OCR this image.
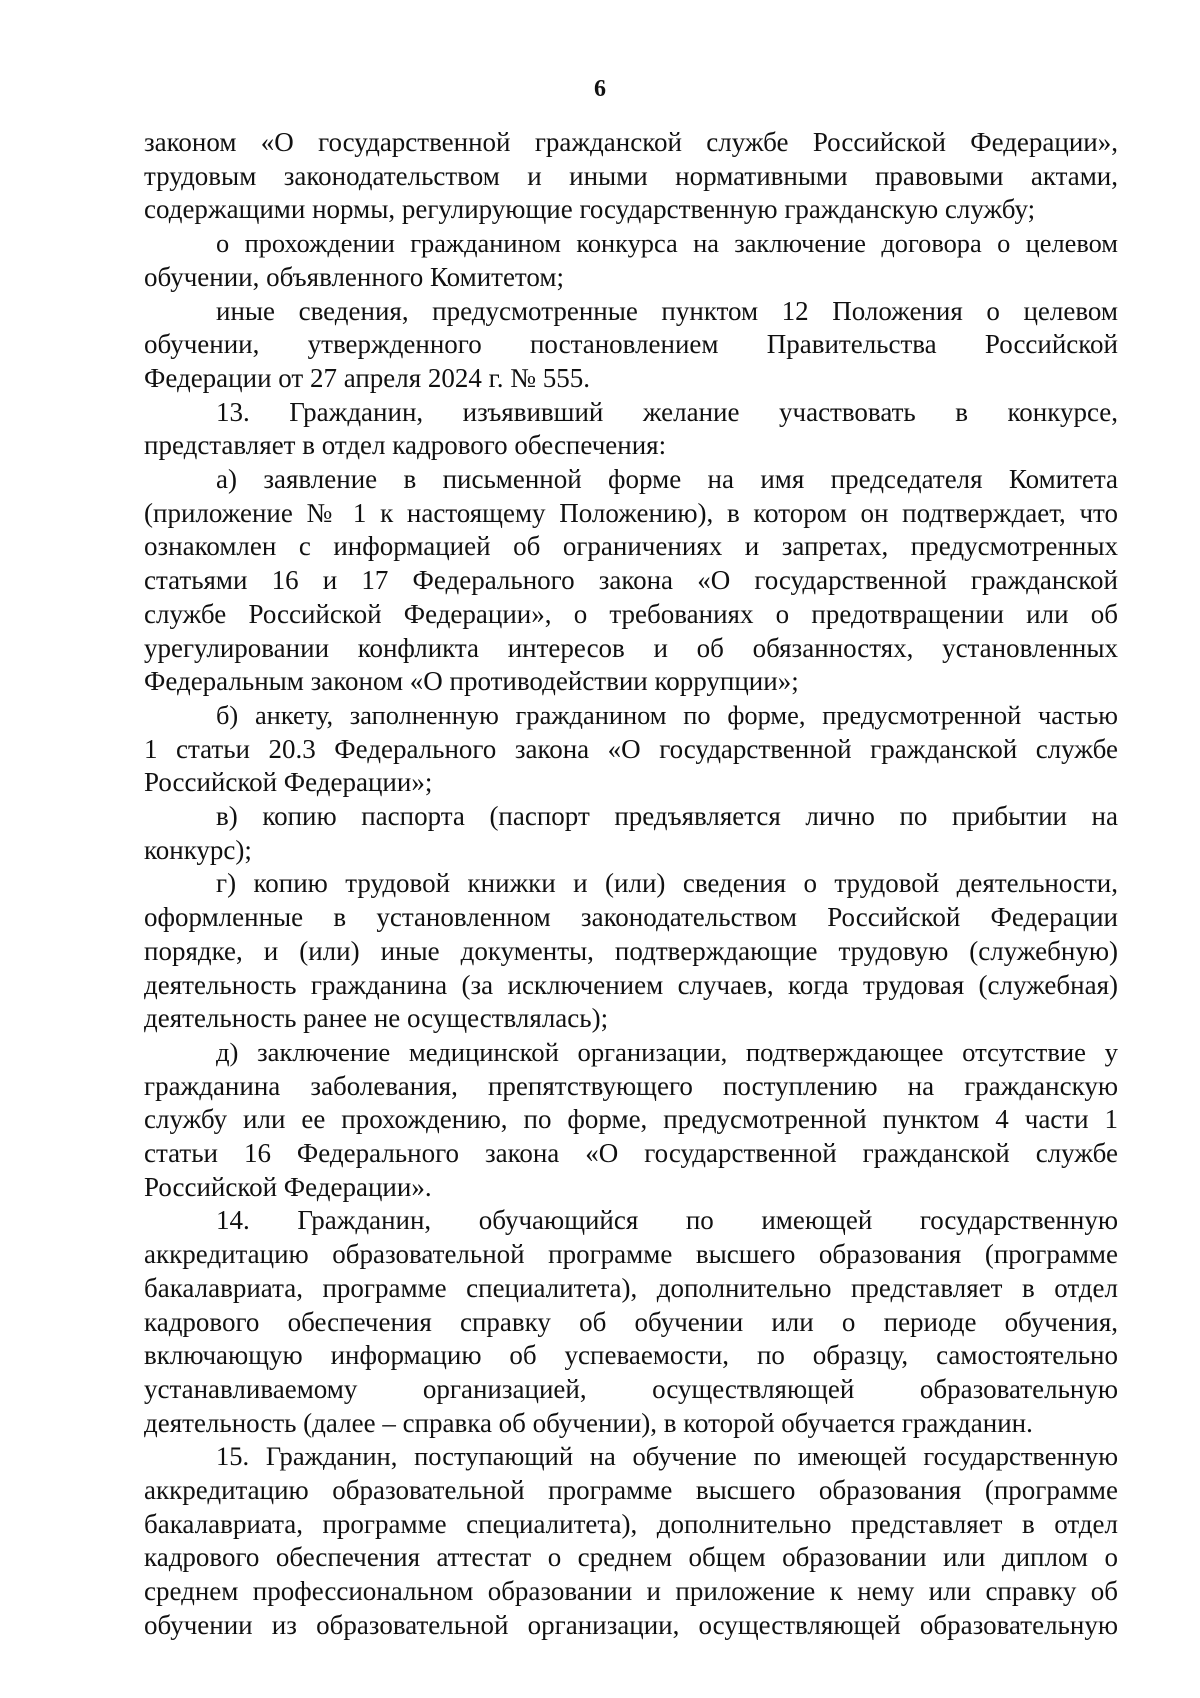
6
законом «О государственной гражданской службе Российской Федерации»,
трудовым законодательством и иными нормативными правовыми актами,
содержащими нормы, регулирующие государственную гражданскую службу;
о прохождении гражданином конкурса на заключение договора о целевом
обучении, объявленного Комитетом;
иные сведения, предусмотренные пунктом 12 Положения о целевом
обучении, утвержденного постановлением Правительства Российской
Федерации от 27 апреля 2024 г. № 555.
13. Гражданин, изъявивший желание участвовать в конкурсе,
представляет в отдел кадрового обеспечения:
а) заявление в письменной форме на имя председателя Комитета
(приложение № 1 к настоящему Положению), в котором он подтверждает, что
ознакомлен с информацией об ограничениях и запретах, предусмотренных
статьями 16 и 17 Федерального закона «О государственной гражданской
службе Российской Федерации», о требованиях о предотвращении или об
урегулировании конфликта интересов и об обязанностях, установленных
Федеральным законом «О противодействии коррупции»;
б) анкету, заполненную гражданином по форме, предусмотренной частью
1 статьи 20.3 Федерального закона «О государственной гражданской службе
Российской Федерации»;
в) копию паспорта (паспорт предъявляется лично по прибытии на
конкурс);
г) копию трудовой книжки и (или) сведения о трудовой деятельности,
оформленные в установленном законодательством Российской Федерации
порядке, и (или) иные документы, подтверждающие трудовую (служебную)
деятельность гражданина (за исключением случаев, когда трудовая (служебная)
деятельность ранее не осуществлялась);
д) заключение медицинской организации, подтверждающее отсутствие у
гражданина заболевания, препятствующего поступлению на гражданскую
службу или ее прохождению, по форме, предусмотренной пунктом 4 части 1
статьи 16 Федерального закона «О государственной гражданской службе
Российской Федерации».
14. Гражданин, обучающийся по имеющей государственную
аккредитацию образовательной программе высшего образования (программе
бакалавриата, программе специалитета), дополнительно представляет в отдел
кадрового обеспечения справку об обучении или о периоде обучения,
включающую информацию об успеваемости, по образцу, самостоятельно
устанавливаемому организацией, осуществляющей образовательную
деятельность (далее – справка об обучении), в которой обучается гражданин.
15. Гражданин, поступающий на обучение по имеющей государственную
аккредитацию образовательной программе высшего образования (программе
бакалавриата, программе специалитета), дополнительно представляет в отдел
кадрового обеспечения аттестат о среднем общем образовании или диплом о
среднем профессиональном образовании и приложение к нему или справку об
обучении из образовательной организации, осуществляющей образовательную
